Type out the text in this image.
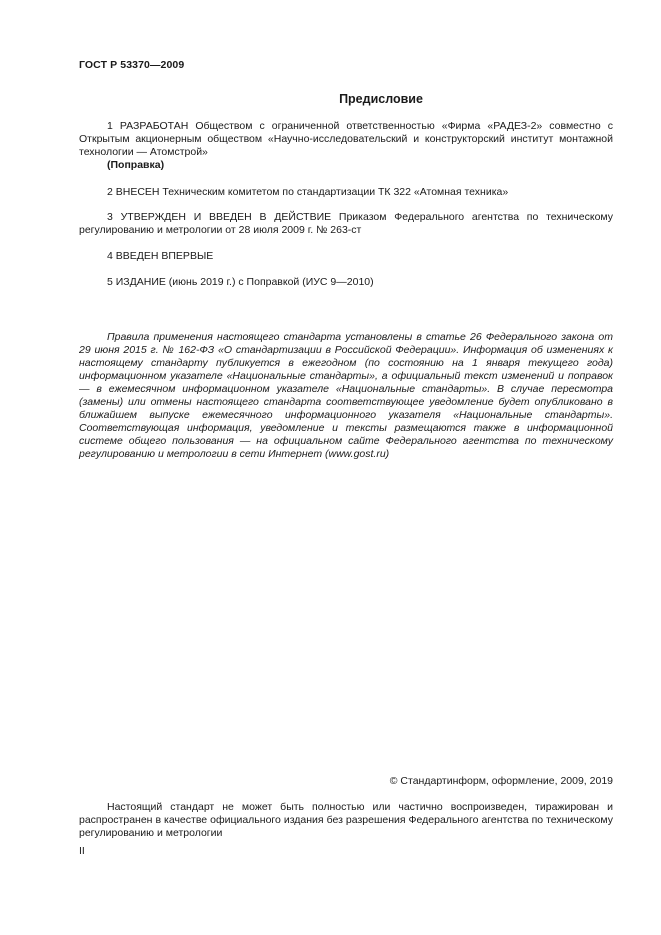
ГОСТ Р 53370—2009
Предисловие

1 РАЗРАБОТАН Обществом с ограниченной ответственностью «Фирма «РАДЕЗ-2» совместно с Открытым акционерным обществом «Научно-исследовательский и конструкторский институт монтажной технологии — Атомстрой»

(Поправка)

2 ВНЕСЕН Техническим комитетом по стандартизации ТК 322 «Атомная техника»

3 УТВЕРЖДЕН И ВВЕДЕН В ДЕЙСТВИЕ Приказом Федерального агентства по техническому регулированию и метрологии от 28 июля 2009 г. № 263-ст

4 ВВЕДЕН ВПЕРВЫЕ

5 ИЗДАНИЕ (июнь 2019 г.) с Поправкой (ИУС 9—2010)

Правила применения настоящего стандарта установлены в статье 26 Федерального закона от 29 июня 2015 г. № 162-ФЗ «О стандартизации в Российской Федерации». Информация об изменениях к настоящему стандарту публикуется в ежегодном (по состоянию на 1 января текущего года) информационном указателе «Национальные стандарты», а официальный текст изменений и поправок — в ежемесячном информационном указателе «Национальные стандарты». В случае пересмотра (замены) или отмены настоящего стандарта соответствующее уведомление будет опубликовано в ближайшем выпуске ежемесячного информационного указателя «Национальные стандарты». Соответствующая информация, уведомление и тексты размещаются также в информационной системе общего пользования — на официальном сайте Федерального агентства по техническому регулированию и метрологии в сети Интернет (www.gost.ru)

© Стандартинформ, оформление, 2009, 2019

Настоящий стандарт не может быть полностью или частично воспроизведен, тиражирован и распространен в качестве официального издания без разрешения Федерального агентства по техническому регулированию и метрологии

II
